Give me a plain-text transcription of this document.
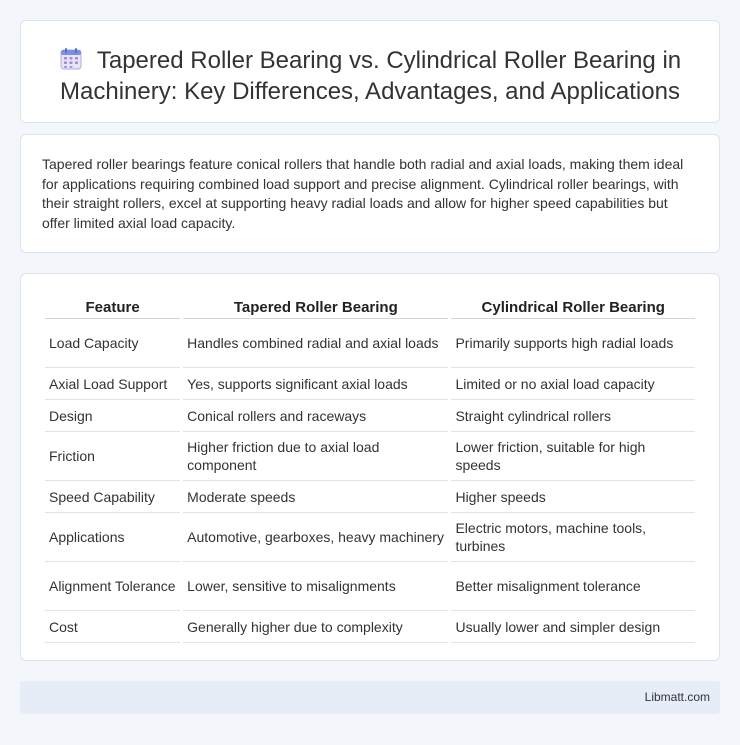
Tapered Roller Bearing vs. Cylindrical Roller Bearing in Machinery: Key Differences, Advantages, and Applications

Tapered roller bearings feature conical rollers that handle both radial and axial loads, making them ideal for applications requiring combined load support and precise alignment. Cylindrical roller bearings, with their straight rollers, excel at supporting heavy radial loads and allow for higher speed capabilities but offer limited axial load capacity.

Feature	Tapered Roller Bearing	Cylindrical Roller Bearing
Load Capacity	Handles combined radial and axial loads	Primarily supports high radial loads
Axial Load Support	Yes, supports significant axial loads	Limited or no axial load capacity
Design	Conical rollers and raceways	Straight cylindrical rollers
Friction	Higher friction due to axial load component	Lower friction, suitable for high speeds
Speed Capability	Moderate speeds	Higher speeds
Applications	Automotive, gearboxes, heavy machinery	Electric motors, machine tools, turbines
Alignment Tolerance	Lower, sensitive to misalignments	Better misalignment tolerance
Cost	Generally higher due to complexity	Usually lower and simpler design
Libmatt.com
